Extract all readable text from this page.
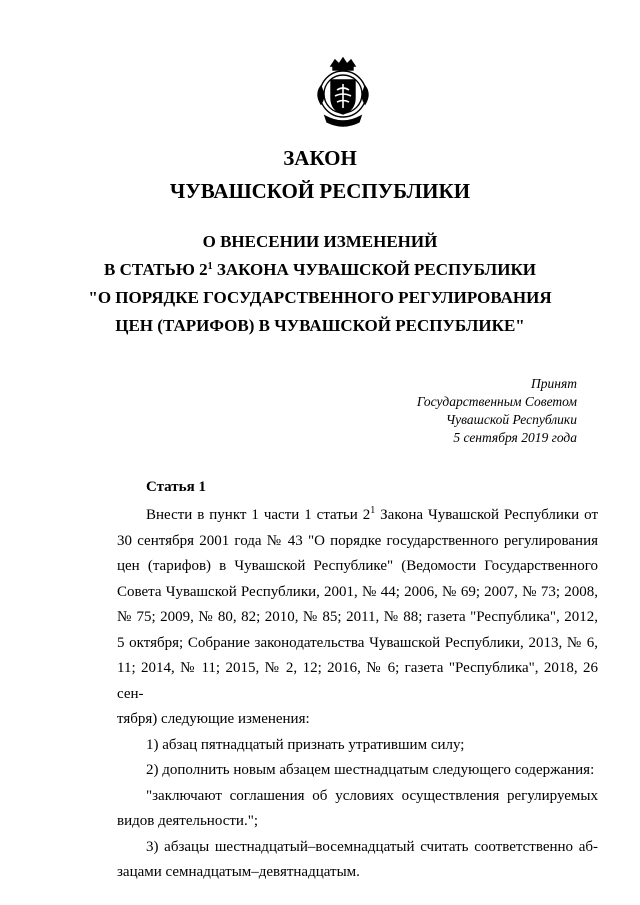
ЗАКОН
ЧУВАШСКОЙ РЕСПУБЛИКИ
О ВНЕСЕНИИ ИЗМЕНЕНИЙ
В СТАТЬЮ $2^1$ ЗАКОНА ЧУВАШСКОЙ РЕСПУБЛИКИ
"О ПОРЯДКЕ ГОСУДАРСТВЕННОГО РЕГУЛИРОВАНИЯ
ЦЕН (ТАРИФОВ) В ЧУВАШСКОЙ РЕСПУБЛИКЕ"
Принят
Государственным Советом
Чувашской Республики
5 сентября 2019 года
Статья 1
Внести в пункт 1 части 1 статьи $2^1$ Закона Чувашской Республики от
30 сентября 2001 года № 43 "О порядке государственного регулирования
цен (тарифов) в Чувашской Республике" (Ведомости Государственного
Совета Чувашской Республики, 2001, № 44; 2006, № 69; 2007, № 73; 2008,
№ 75; 2009, № 80, 82; 2010, № 85; 2011, № 88; газета "Республика", 2012,
5 октября; Собрание законодательства Чувашской Республики, 2013, № 6,
11; 2014, № 11; 2015, № 2, 12; 2016, № 6; газета "Республика", 2018, 26 сен-
тября) следующие изменения:
1) абзац пятнадцатый признать утратившим силу;
2) дополнить новым абзацем шестнадцатым следующего содержания:
"заключают соглашения об условиях осуществления регулируемых
видов деятельности.";
3) абзацы шестнадцатый–восемнадцатый считать соответственно аб-
зацами семнадцатым–девятнадцатым.
